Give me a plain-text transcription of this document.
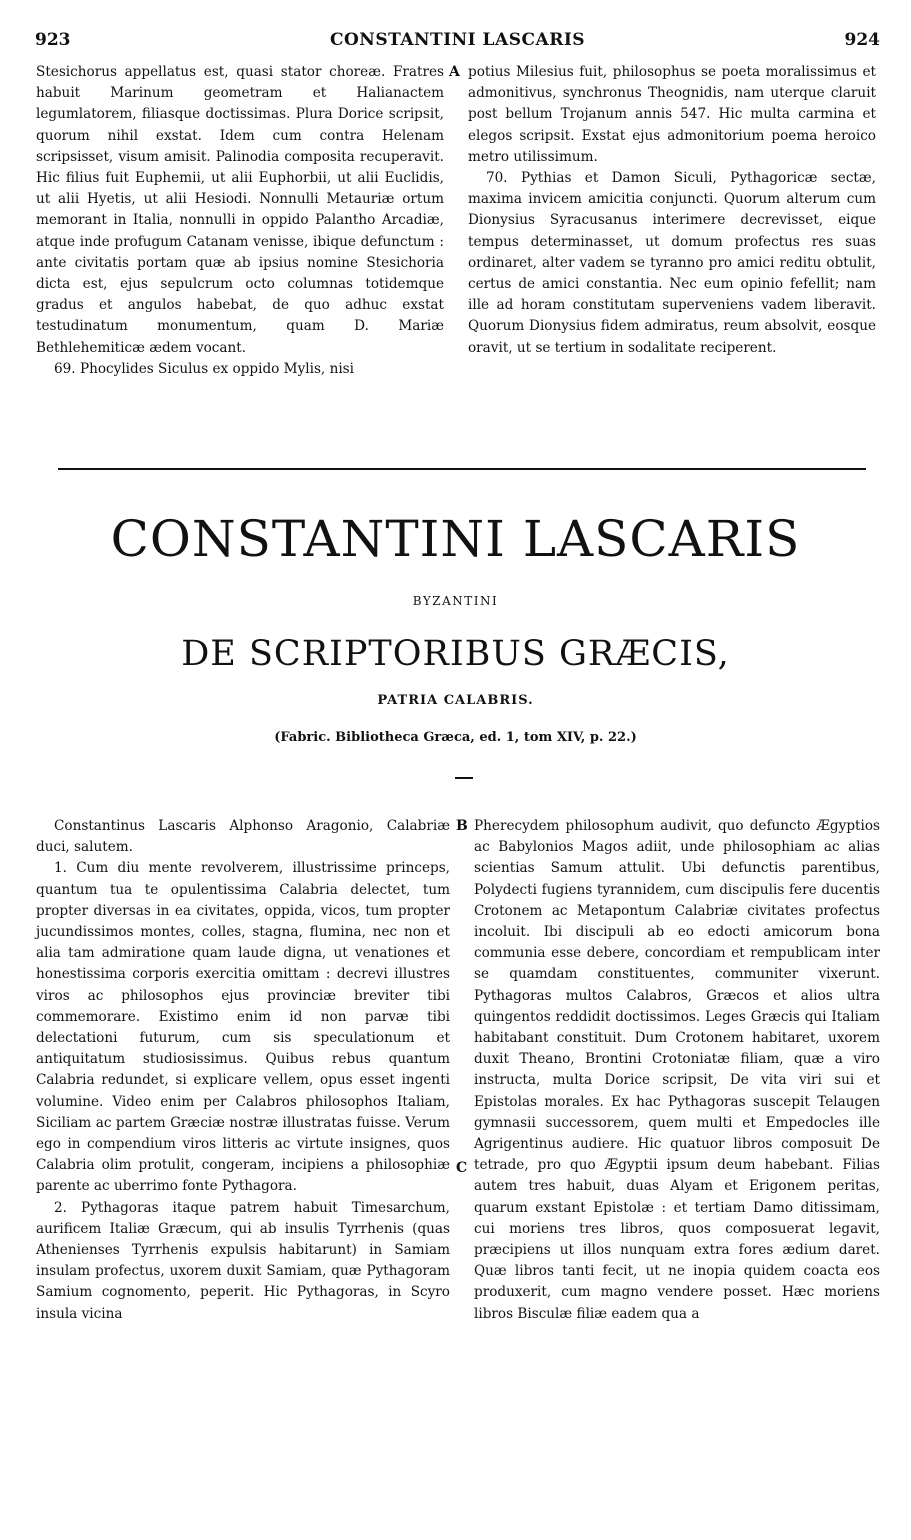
923	CONSTANTINI LASCARIS	924

Stesichorus appellatus est, quasi stator choreæ. Fratres habuit Marinum geometram et Halianactem legumlatorem, filiasque doctissimas. Plura Dorice scripsit, quorum nihil exstat. Idem cum contra Helenam scripsisset, visum amisit. Palinodia composita recuperavit. Hic filius fuit Euphemii, ut alii Euphorbii, ut alii Euclidis, ut alii Hyetis, ut alii Hesiodi. Nonnulli Metauriæ ortum memorant in Italia, nonnulli in oppido Palantho Arcadiæ, atque inde profugum Catanam venisse, ibique defunctum : ante civitatis portam quæ ab ipsius nomine Stesichoria dicta est, ejus sepulcrum octo columnas totidemque gradus et angulos habebat, de quo adhuc exstat testudinatum monumentum, quam D. Mariæ Bethlehemiticæ ædem vocant.

69. Phocylides Siculus ex oppido Mylis, nisi

A potius Milesius fuit, philosophus se poeta moralissimus et admonitivus, synchronus Theognidis, nam uterque claruit post bellum Trojanum annis 547. Hic multa carmina et elegos scripsit. Exstat ejus admonitorium poema heroico metro utilissimum.

70. Pythias et Damon Siculi, Pythagoricæ sectæ, maxima invicem amicitia conjuncti. Quorum alterum cum Dionysius Syracusanus interimere decrevisset, eique tempus determinasset, ut domum profectus res suas ordinaret, alter vadem se tyranno pro amici reditu obtulit, certus de amici constantia. Nec eum opinio fefellit; nam ille ad horam constitutam superveniens vadem liberavit. Quorum Dionysius fidem admiratus, reum absolvit, eosque oravit, ut se tertium in sodalitate reciperent.

CONSTANTINI LASCARIS
BYZANTINI
DE SCRIPTORIBUS GRÆCIS,
PATRIA CALABRIS.
(Fabric. Bibliotheca Græca, ed. 1, tom XIV, p. 22.)

Constantinus Lascaris Alphonso Aragonio, Calabriæ duci, salutem.

1. Cum diu mente revolverem, illustrissime princeps, quantum tua te opulentissima Calabria delectet, tum propter diversas in ea civitates, oppida, vicos, tum propter jucundissimos montes, colles, stagna, flumina, nec non et alia tam admiratione quam laude digna, ut venationes et honestissima corporis exercitia omittam : decrevi illustres viros ac philosophos ejus provinciæ breviter tibi commemorare. Existimo enim id non parvæ tibi delectationi futurum, cum sis speculationum et antiquitatum studiosissimus. Quibus rebus quantum Calabria redundet, si explicare vellem, opus esset ingenti volumine. Video enim per Calabros philosophos Italiam, Siciliam ac partem Græciæ nostræ illustratas fuisse. Verum ego in compendium viros litteris ac virtute insignes, quos Calabria olim protulit, congeram, incipiens a philosophiæ parente ac uberrimo fonte Pythagora.

2. Pythagoras itaque patrem habuit Timesarchum, aurificem Italiæ Græcum, qui ab insulis Tyrrhenis (quas Athenienses Tyrrhenis expulsis habitarunt) in Samiam insulam profectus, uxorem duxit Samiam, quæ Pythagoram Samium cognomento, peperit. Hic Pythagoras, in Scyro insula vicina

B
C

Pherecydem philosophum audivit, quo defuncto Ægyptios ac Babylonios Magos adiit, unde philosophiam ac alias scientias Samum attulit. Ubi defunctis parentibus, Polydecti fugiens tyrannidem, cum discipulis fere ducentis Crotonem ac Metapontum Calabriæ civitates profectus incoluit. Ibi discipuli ab eo edocti amicorum bona communia esse debere, concordiam et rempublicam inter se quamdam constituentes, communiter vixerunt. Pythagoras multos Calabros, Græcos et alios ultra quingentos reddidit doctissimos. Leges Græcis qui Italiam habitabant constituit. Dum Crotonem habitaret, uxorem duxit Theano, Brontini Crotoniatæ filiam, quæ a viro instructa, multa Dorice scripsit, De vita viri sui et Epistolas morales. Ex hac Pythagoras suscepit Telaugen gymnasii successorem, quem multi et Empedocles ille Agrigentinus audiere. Hic quatuor libros composuit De tetrade, pro quo Ægyptii ipsum deum habebant. Filias autem tres habuit, duas Alyam et Erigonem peritas, quarum exstant Epistolæ : et tertiam Damo ditissimam, cui moriens tres libros, quos composuerat legavit, præcipiens ut illos nunquam extra fores ædium daret. Quæ libros tanti fecit, ut ne inopia quidem coacta eos produxerit, cum magno vendere posset. Hæc moriens libros Bisculæ filiæ eadem qua a
